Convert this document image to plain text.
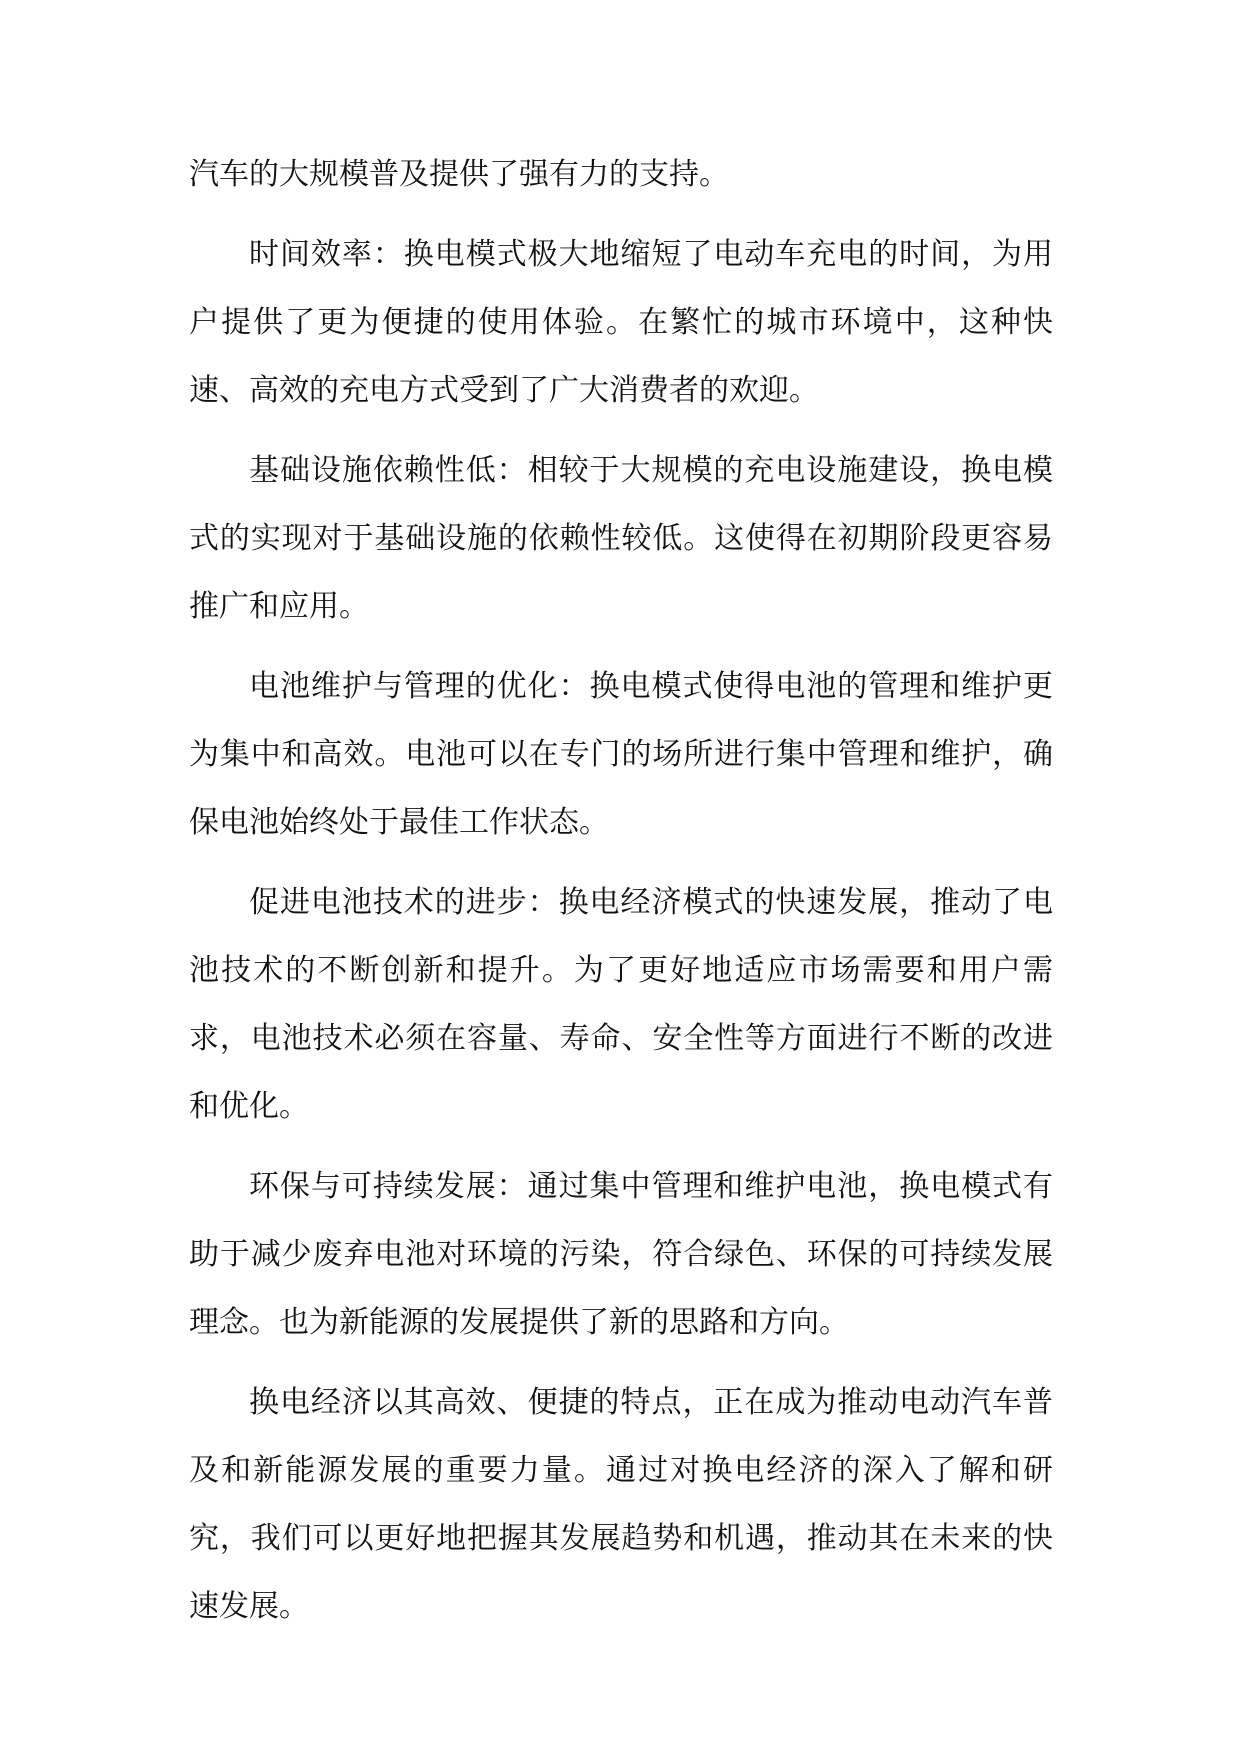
汽车的大规模普及提供了强有力的支持。

时间效率：换电模式极大地缩短了电动车充电的时间，为用户提供了更为便捷的使用体验。在繁忙的城市环境中，这种快速、高效的充电方式受到了广大消费者的欢迎。

基础设施依赖性低：相较于大规模的充电设施建设，换电模式的实现对于基础设施的依赖性较低。这使得在初期阶段更容易推广和应用。

电池维护与管理的优化：换电模式使得电池的管理和维护更为集中和高效。电池可以在专门的场所进行集中管理和维护，确保电池始终处于最佳工作状态。

促进电池技术的进步：换电经济模式的快速发展，推动了电池技术的不断创新和提升。为了更好地适应市场需要和用户需求，电池技术必须在容量、寿命、安全性等方面进行不断的改进和优化。

环保与可持续发展：通过集中管理和维护电池，换电模式有助于减少废弃电池对环境的污染，符合绿色、环保的可持续发展理念。也为新能源的发展提供了新的思路和方向。

换电经济以其高效、便捷的特点，正在成为推动电动汽车普及和新能源发展的重要力量。通过对换电经济的深入了解和研究，我们可以更好地把握其发展趋势和机遇，推动其在未来的快速发展。
